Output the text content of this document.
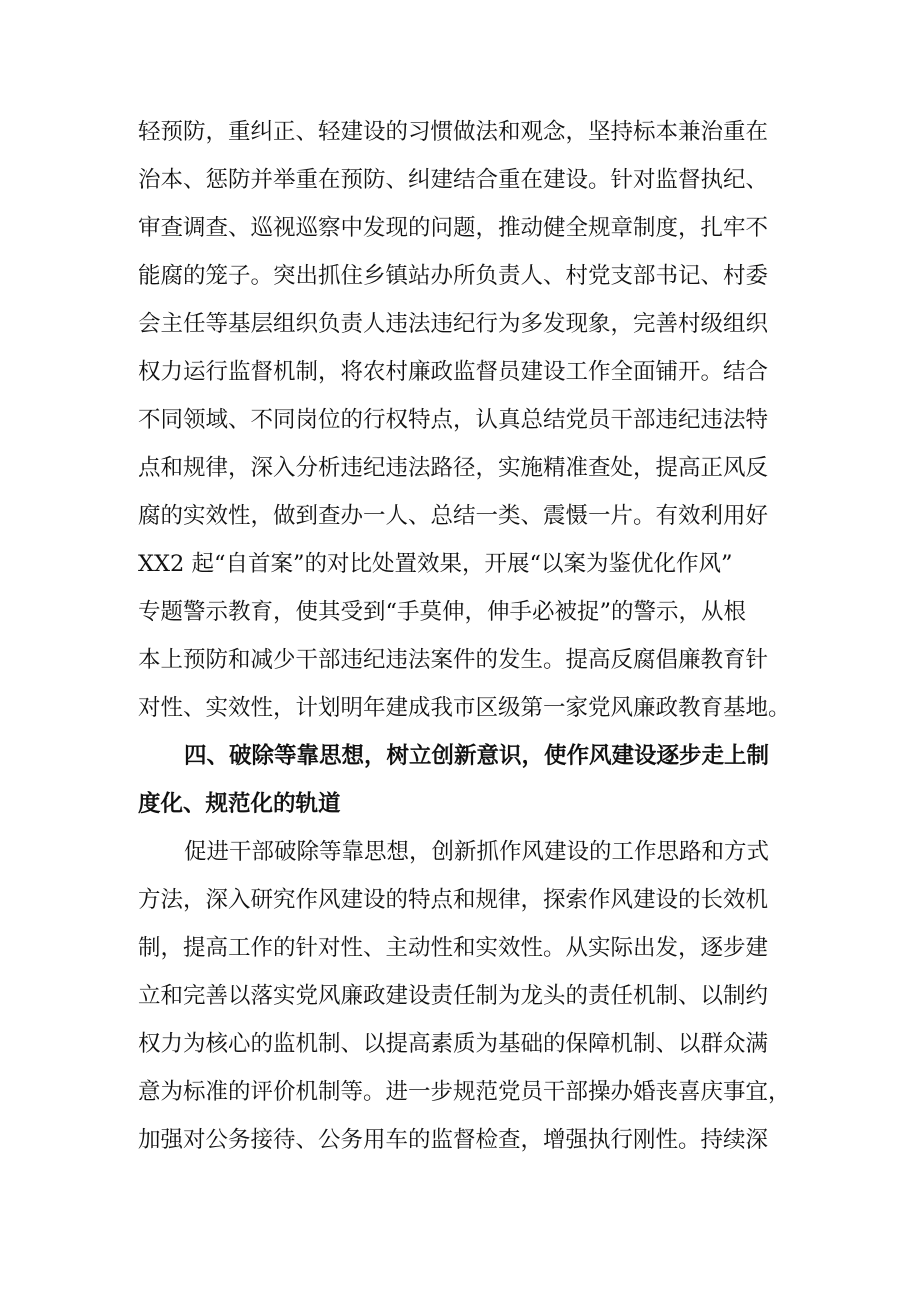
轻预防，重纠正、轻建设的习惯做法和观念，坚持标本兼治重在
治本、惩防并举重在预防、纠建结合重在建设。针对监督执纪、
审查调查、巡视巡察中发现的问题，推动健全规章制度，扎牢不
能腐的笼子。突出抓住乡镇站办所负责人、村党支部书记、村委
会主任等基层组织负责人违法违纪行为多发现象，完善村级组织
权力运行监督机制，将农村廉政监督员建设工作全面铺开。结合
不同领域、不同岗位的行权特点，认真总结党员干部违纪违法特
点和规律，深入分析违纪违法路径，实施精准查处，提高正风反
腐的实效性，做到查办一人、总结一类、震慑一片。有效利用好
XX2 起“自首案”的对比处置效果，开展“以案为鉴优化作风”
专题警示教育，使其受到“手莫伸，伸手必被捉”的警示，从根
本上预防和减少干部违纪违法案件的发生。提高反腐倡廉教育针
对性、实效性，计划明年建成我市区级第一家党风廉政教育基地。
四、破除等靠思想，树立创新意识，使作风建设逐步走上制
度化、规范化的轨道
促进干部破除等靠思想，创新抓作风建设的工作思路和方式
方法，深入研究作风建设的特点和规律，探索作风建设的长效机
制，提高工作的针对性、主动性和实效性。从实际出发，逐步建
立和完善以落实党风廉政建设责任制为龙头的责任机制、以制约
权力为核心的监机制、以提高素质为基础的保障机制、以群众满
意为标准的评价机制等。进一步规范党员干部操办婚丧喜庆事宜，
加强对公务接待、公务用车的监督检查，增强执行刚性。持续深
